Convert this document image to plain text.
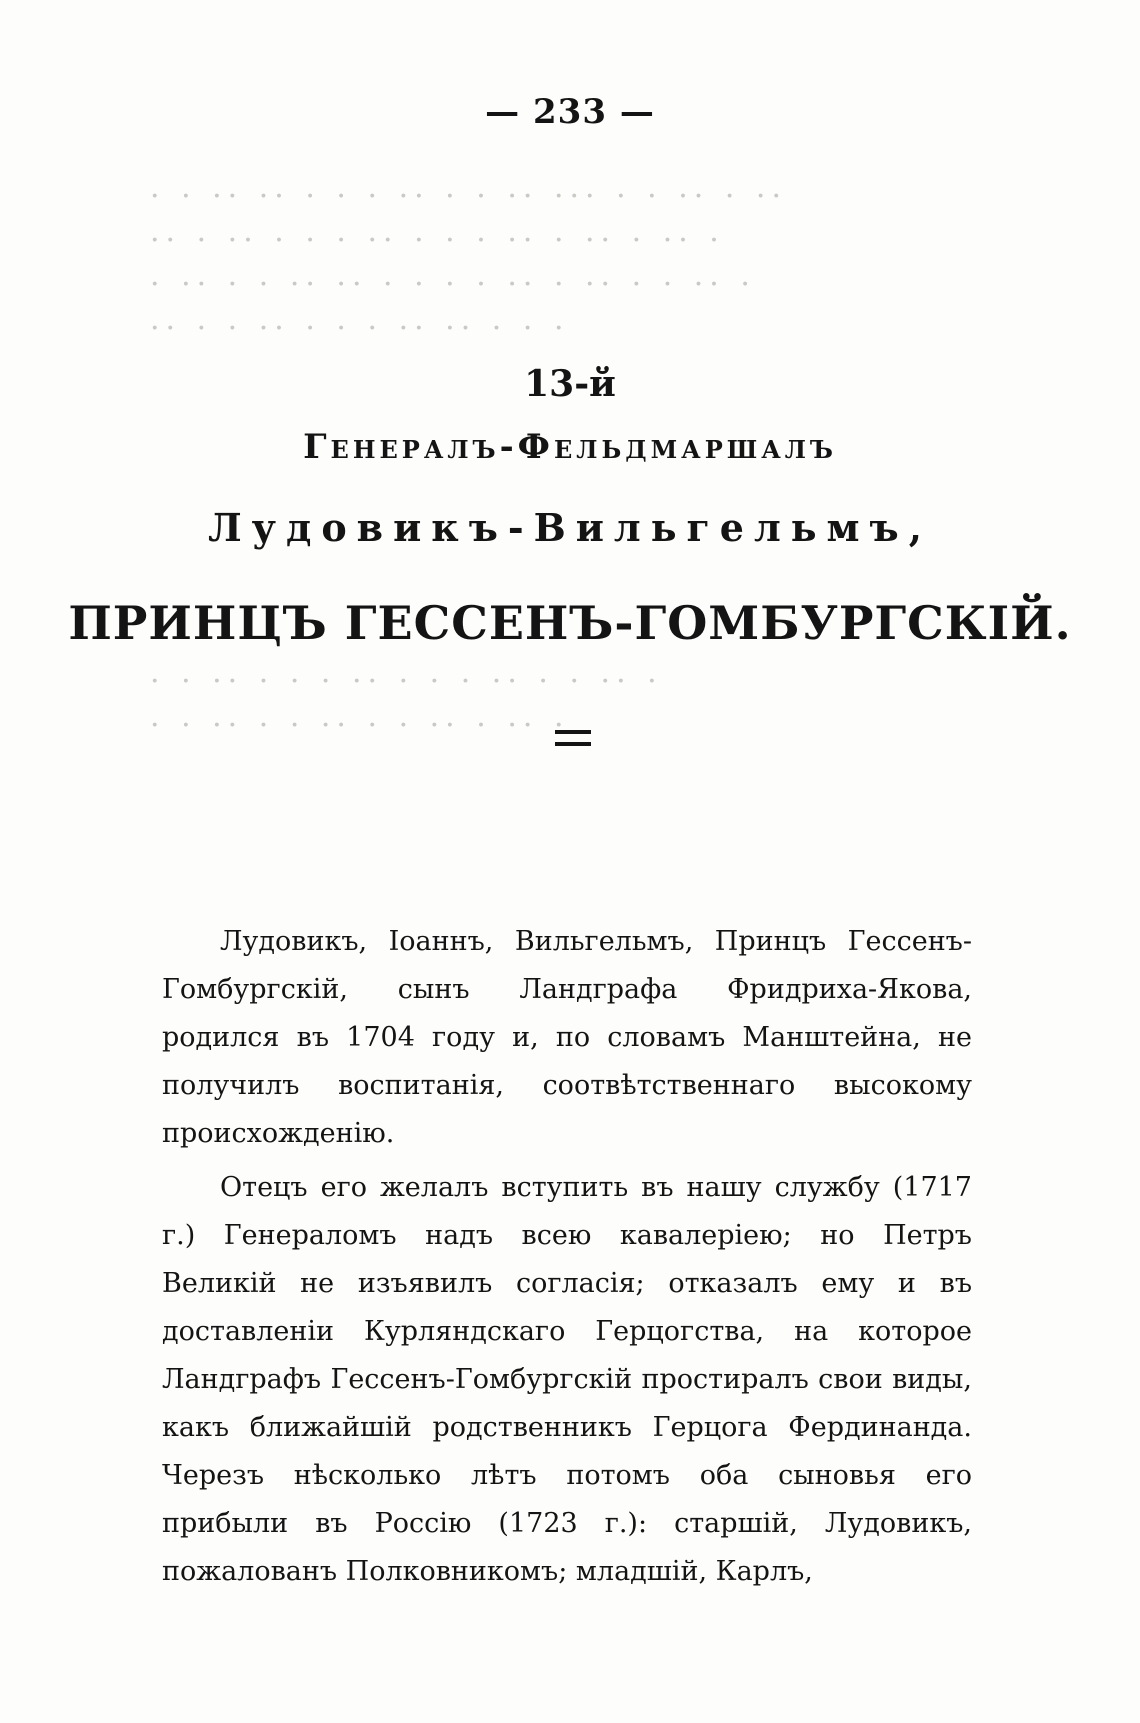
— 233 —
· · ·· ·· · · · ·· · · ·· ··· · · ·· · ··
·· · ·· · · · ·· · · · ·· · ·· · ·· ·
· ·· · · ·· ·· · · · · ·· · ·· · · ·· ·
·· · · ·· · · · ·· ·· · · ·
13-й
Генералъ-Фельдмаршалъ
Лудовикъ-Вильгельмъ,
ПРИНЦЪ ГЕССЕНЪ-ГОМБУРГСКІЙ.
· · ·· · · · ·· · · · ·· · · ·· ·
· · ·· · · ·· · · ·· · ·· ·

Лудовикъ, Іоаннъ, Вильгельмъ, Принцъ Гессенъ-Гомбургскій, сынъ Ландграфа Фридриха-Якова, родился въ 1704 году и, по словамъ Манштейна, не получилъ воспитанія, соотвѣтственнаго высокому происхожденію.

Отецъ его желалъ вступить въ нашу службу (1717 г.) Генераломъ надъ всею кавалеріею; но Петръ Великій не изъявилъ согласія; отказалъ ему и въ доставленіи Курляндскаго Герцогства, на которое Ландграфъ Гессенъ-Гомбургскій простиралъ свои виды, какъ ближайшій родственникъ Герцога Фердинанда. Черезъ нѣсколько лѣтъ потомъ оба сыновья его прибыли въ Россію (1723 г.): старшій, Лудовикъ, пожалованъ Полковникомъ; младшій, Карлъ,
